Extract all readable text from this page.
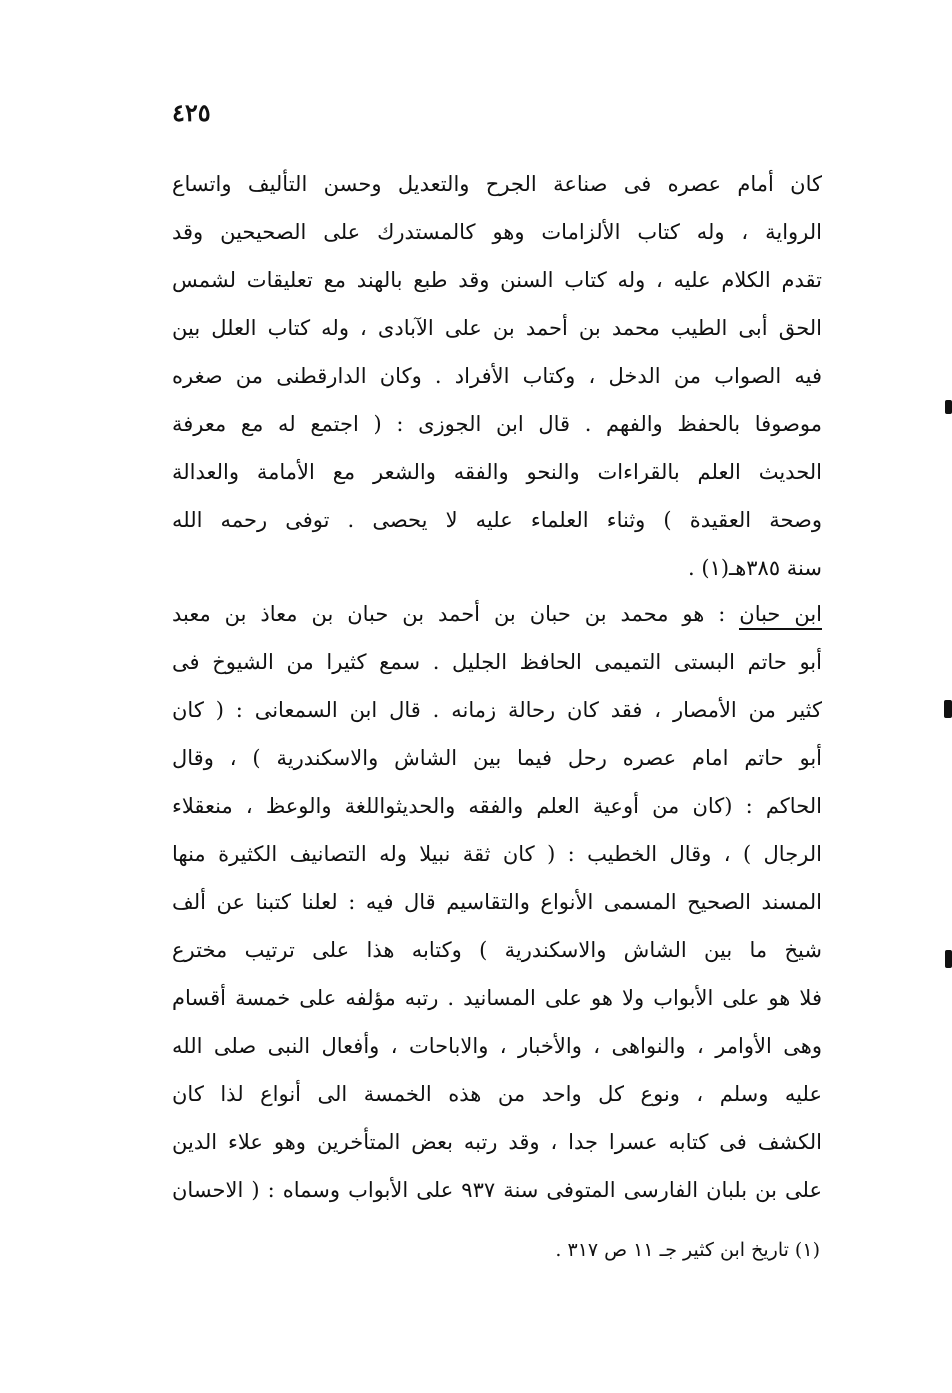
٤٢٥
كان أمام عصره فى صناعة الجرح والتعديل وحسن التأليف واتساع
الرواية ، وله كتاب الألزامات وهو كالمستدرك على الصحيحين وقد
تقدم الكلام عليه ، وله كتاب السنن وقد طبع بالهند مع تعليقات لشمس
الحق أبى الطيب محمد بن أحمد بن على الآبادى ، وله كتاب العلل بين
فيه الصواب من الدخل ، وكتاب الأفراد . وكان الدارقطنى من صغره
موصوفا بالحفظ والفهم . قال ابن الجوزى : ( اجتمع له مع معرفة
الحديث العلم بالقراءات والنحو والفقه والشعر مع الأمامة والعدالة
وصحة العقيدة ) وثناء العلماء عليه لا يحصى . توفى رحمه الله
سنة ٣٨٥هـ(١) .
ابن حبان : هو محمد بن حبان بن أحمد بن حبان بن معاذ بن معبد
أبو حاتم البستى التميمى الحافظ الجليل . سمع كثيرا من الشيوخ فى
كثير من الأمصار ، فقد كان رحالة زمانه . قال ابن السمعانى : ( كان
أبو حاتم امام عصره رحل فيما بين الشاش والاسكندرية ) ، وقال
الحاكم : (كان من أوعية العلم والفقه والحديثواللغة والوعظ ، منعقلاء
الرجال ) ، وقال الخطيب : ( كان ثقة نبيلا وله التصانيف الكثيرة منها
المسند الصحيح المسمى الأنواع والتقاسيم قال فيه : لعلنا كتبنا عن ألف
شيخ ما بين الشاش والاسكندرية ) وكتابه هذا على ترتيب مخترع
فلا هو على الأبواب ولا هو على المسانيد . رتبه مؤلفه على خمسة أقسام
وهى الأوامر ، والنواهى ، والأخبار ، والاباحات ، وأفعال النبى صلى الله
عليه وسلم ، ونوع كل واحد من هذه الخمسة الى أنواع لذا كان
الكشف فى كتابه عسرا جدا ، وقد رتبه بعض المتأخرين وهو علاء الدين
على بن بلبان الفارسى المتوفى سنة ٩٣٧ على الأبواب وسماه : ( الاحسان
(١) تاريخ ابن كثير جـ ١١ ص ٣١٧ .
